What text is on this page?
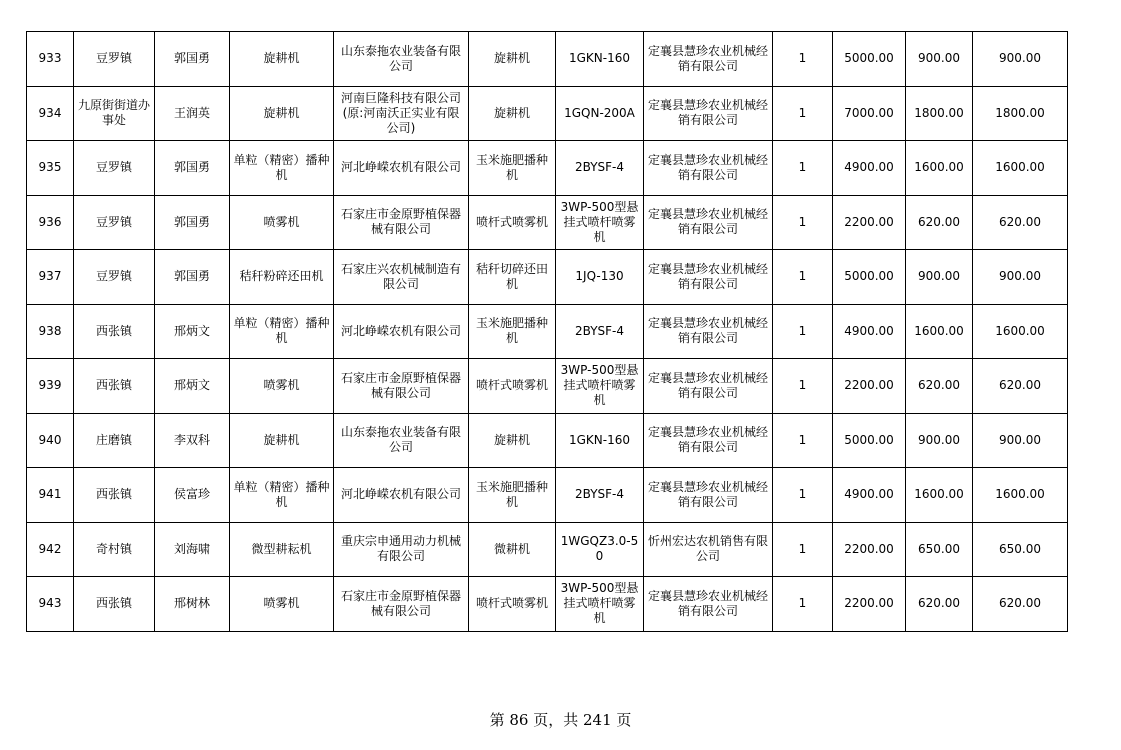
933	豆罗镇	郭国勇	旋耕机	山东泰拖农业装备有限公司	旋耕机	1GKN-160	定襄县慧珍农业机械经销有限公司	1	5000.00	900.00	900.00
934	九原街街道办事处	王润英	旋耕机	河南巨隆科技有限公司(原:河南沃正实业有限公司)	旋耕机	1GQN-200A	定襄县慧珍农业机械经销有限公司	1	7000.00	1800.00	1800.00
935	豆罗镇	郭国勇	单粒（精密）播种机	河北峥嵘农机有限公司	玉米施肥播种机	2BYSF-4	定襄县慧珍农业机械经销有限公司	1	4900.00	1600.00	1600.00
936	豆罗镇	郭国勇	喷雾机	石家庄市金原野植保器械有限公司	喷杆式喷雾机	3WP-500型悬挂式喷杆喷雾机	定襄县慧珍农业机械经销有限公司	1	2200.00	620.00	620.00
937	豆罗镇	郭国勇	秸秆粉碎还田机	石家庄兴农机械制造有限公司	秸秆切碎还田机	1JQ-130	定襄县慧珍农业机械经销有限公司	1	5000.00	900.00	900.00
938	西张镇	邢炳文	单粒（精密）播种机	河北峥嵘农机有限公司	玉米施肥播种机	2BYSF-4	定襄县慧珍农业机械经销有限公司	1	4900.00	1600.00	1600.00
939	西张镇	邢炳文	喷雾机	石家庄市金原野植保器械有限公司	喷杆式喷雾机	3WP-500型悬挂式喷杆喷雾机	定襄县慧珍农业机械经销有限公司	1	2200.00	620.00	620.00
940	庄磨镇	李双科	旋耕机	山东泰拖农业装备有限公司	旋耕机	1GKN-160	定襄县慧珍农业机械经销有限公司	1	5000.00	900.00	900.00
941	西张镇	侯富珍	单粒（精密）播种机	河北峥嵘农机有限公司	玉米施肥播种机	2BYSF-4	定襄县慧珍农业机械经销有限公司	1	4900.00	1600.00	1600.00
942	奇村镇	刘海啸	微型耕耘机	重庆宗申通用动力机械有限公司	微耕机	1WGQZ3.0-50	忻州宏达农机销售有限公司	1	2200.00	650.00	650.00
943	西张镇	邢树林	喷雾机	石家庄市金原野植保器械有限公司	喷杆式喷雾机	3WP-500型悬挂式喷杆喷雾机	定襄县慧珍农业机械经销有限公司	1	2200.00	620.00	620.00
第 86 页，共 241 页
